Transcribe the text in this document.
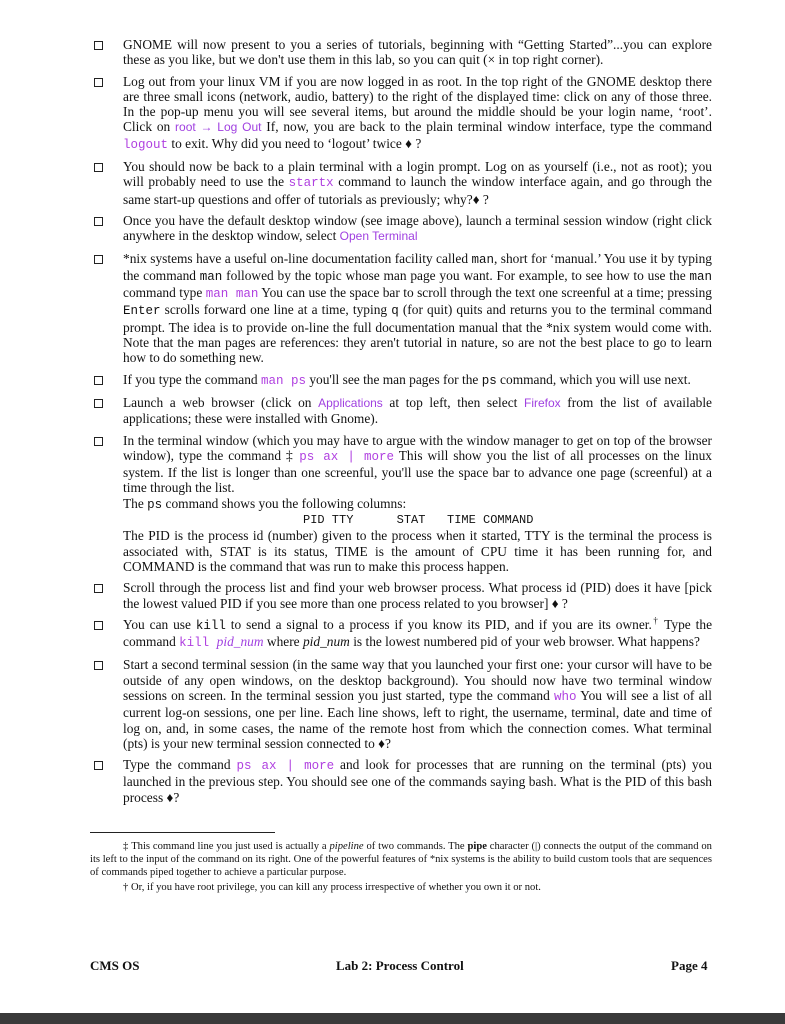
GNOME will now present to you a series of tutorials, beginning with “Getting Started”...you can explore these as you like, but we don't use them in this lab, so you can quit (× in top right corner).
Log out from your linux VM if you are now logged in as root. In the top right of the GNOME desktop there are three small icons (network, audio, battery) to the right of the displayed time: click on any of those three. In the pop-up menu you will see several items, but around the middle should be your login name, ‘root’. Click on root → Log Out If, now, you are back to the plain terminal window interface, type the command logout to exit. Why did you need to ‘logout’ twice ♦ ?
You should now be back to a plain terminal with a login prompt. Log on as yourself (i.e., not as root); you will probably need to use the startx command to launch the window interface again, and go through the same start-up questions and offer of tutorials as previously; why?♦ ?
Once you have the default desktop window (see image above), launch a terminal session window (right click anywhere in the desktop window, select Open Terminal
*nix systems have a useful on-line documentation facility called man, short for ‘manual.’ You use it by typing the command man followed by the topic whose man page you want. For example, to see how to use the man command type man man You can use the space bar to scroll through the text one screenful at a time; pressing Enter scrolls forward one line at a time, typing q (for quit) quits and returns you to the terminal command prompt. The idea is to provide on-line the full documentation manual that the *nix system would come with. Note that the man pages are references: they aren't tutorial in nature, so are not the best place to go to learn how to do something new.
If you type the command man ps you'll see the man pages for the ps command, which you will use next.
Launch a web browser (click on Applications at top left, then select Firefox from the list of available applications; these were installed with Gnome).
In the terminal window (which you may have to argue with the window manager to get on top of the browser window), type the command ‡ ps ax | more This will show you the list of all processes on the linux system. If the list is longer than one screenful, you'll use the space bar to advance one page (screenful) at a time through the list.
The ps command shows you the following columns:
PID TTY      STAT   TIME COMMAND
The PID is the process id (number) given to the process when it started, TTY is the terminal the process is associated with, STAT is its status, TIME is the amount of CPU time it has been running for, and COMMAND is the command that was run to make this process happen.
Scroll through the process list and find your web browser process. What process id (PID) does it have [pick the lowest valued PID if you see more than one process related to you browser] ♦ ?
You can use kill to send a signal to a process if you know its PID, and if you are its owner.† Type the command kill pid_num where pid_num is the lowest numbered pid of your web browser. What happens?
Start a second terminal session (in the same way that you launched your first one: your cursor will have to be outside of any open windows, on the desktop background). You should now have two terminal window sessions on screen. In the terminal session you just started, type the command who You will see a list of all current log-on sessions, one per line. Each line shows, left to right, the username, terminal, date and time of log on, and, in some cases, the name of the remote host from which the connection comes. What terminal (pts) is your new terminal session connected to ♦?
Type the command ps ax | more and look for processes that are running on the terminal (pts) you launched in the previous step. You should see one of the commands saying bash. What is the PID of this bash process ♦?
‡ This command line you just used is actually a pipeline of two commands. The pipe character (|) connects the output of the command on its left to the input of the command on its right. One of the powerful features of *nix systems is the ability to build custom tools that are sequences of commands piped together to achieve a particular purpose.
† Or, if you have root privilege, you can kill any process irrespective of whether you own it or not.
CMS OS	Lab 2: Process Control	Page 4
